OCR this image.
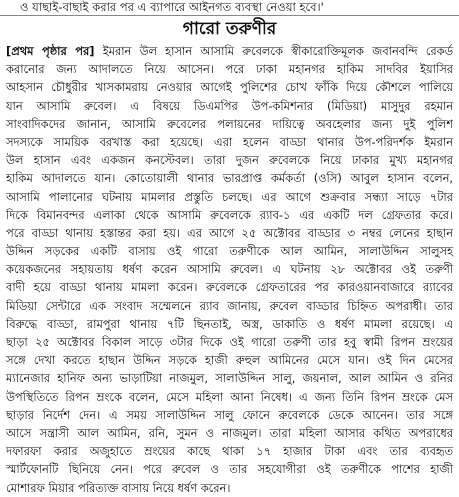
ও যাছাই-বাছাই করার পর এ ব্যাপারে আইনগত ব্যবস্থা নেওয়া হবে।'
গারো তরুণীর
[প্রথম পৃষ্ঠার পর] ইমরান উল হাসান আসামি রুবেলকে স্বীকারোক্তিমূলক জবানবন্দি রেকর্ড
করানোর জন্য আদালতে নিয়ে আসেন। পরে ঢাকা মহানগর হাকিম সাদবির ইয়াসির
আহসান চৌধুরীর খাসকামরায় নেওয়ার আগেই পুলিশের চোখ ফাঁকি দিয়ে কৌশলে পালিয়ে
যান আসামি রুবেল। এ বিষয়ে ডিএমপির উপ-কমিশনার (মিডিয়া) মাসুদুর রহমান
সাংবাদিকদের জানান, আসামি রুবেলের পলায়নের দায়িত্বে অবহেলার জন্য দুই পুলিশ
সদস্যকে সাময়িক বরখাস্ত করা হয়েছে। এরা হলেন বাড্ডা থানার উপ-পরিদর্শক ইমরান
উল হাসান এবং একজন কনস্টেবল। তারা দুজন রুবেলকে নিয়ে ঢাকার মুখ্য মহানগর
হাকিম আদালতে যান। কোতোয়ালী থানার ভারপ্রাপ্ত কর্মকর্তা (ওসি) আবুল হাসান বলেন,
আসামি পালানোর ঘটনায় মামলার প্রস্তুতি চলছে। এর আগে শুক্রবার সন্ধ্যা সাড়ে ৭টার
দিকে বিমানবন্দর এলাকা থেকে আসামি রুবেলকে র‍্যাব-১ এর একটি দল গ্রেফতার করে।
পরে বাড্ডা থানায় হস্তান্তর করা হয়। এর আগে ২৫ অক্টোবর বাড্ডার ৩ নম্বর লেনের হাছান
উদ্দিন সড়কের একটি বাসায় ওই গারো তরুণীকে আল আমিন, সালাউদ্দিন সালুসহ
কয়েকজনের সহায়তায় ধর্ষণ করেন আসামি রুবেল। এ ঘটনায় ২৮ অক্টোবর ওই তরুণী
বাদী হয়ে বাড্ডা থানায় মামলা করেন। রুবেলকে গ্রেফতারের পর কারওয়ানবাজারে র‍্যাবের
মিডিয়া সেন্টারে এক সংবাদ সম্মেলনে র‍্যাব জানায়, রুবেল বাড্ডার চিহ্নিত অপরাধী। তার
বিরুদ্ধে বাড্ডা, রামপুরা থানায় ৭টি ছিনতাই, অস্ত্র, ডাকাতি ও ধর্ষণ মামলা রয়েছে। এ
ছাড়া ২৫ অক্টোবর বিকাল সাড়ে ৩টার দিকে ওই গারো তরুণী তার হবু স্বামী রিপন ম্রংয়ের
সঙ্গে দেখা করতে হাছান উদ্দিন সড়কে হাজী রুহুল আমিনের মেসে যান। ওই দিন মেসের
ম্যানেজার হানিফ অন্য ভাড়াটিয়া নাজমুল, সালাউদ্দিন সালু, জয়নাল, আল আমিন ও রনির
উপস্থিতিতে রিপন ম্রংকে বলেন, মেসে মহিলা আনা নিষেধ। এ জন্য তিনি রিপন ম্রংকে মেস
ছাড়ার নির্দেশ দেন। এ সময় সালাউদ্দিন সালু ফোনে রুবেলকে ডেকে আনেন। তার সঙ্গে
আসে সন্ত্রাসী আল আমিন, রনি, সুমন ও নাজমুল। তারা মহিলা আসার কথিত অপরাধের
দফারফা করার অজুহাতে ম্রংয়ের কাছে থাকা ১৭ হাজার টাকা এবং তার ব্যবহৃত
স্মার্টফোনটি ছিনিয়ে নেন। পরে রুবেল ও তার সহযোগীরা ওই তরুণীকে পাশের হাজী
মোশারফ মিয়ার পরিত্যক্ত বাসায় নিয়ে ধর্ষণ করেন।
